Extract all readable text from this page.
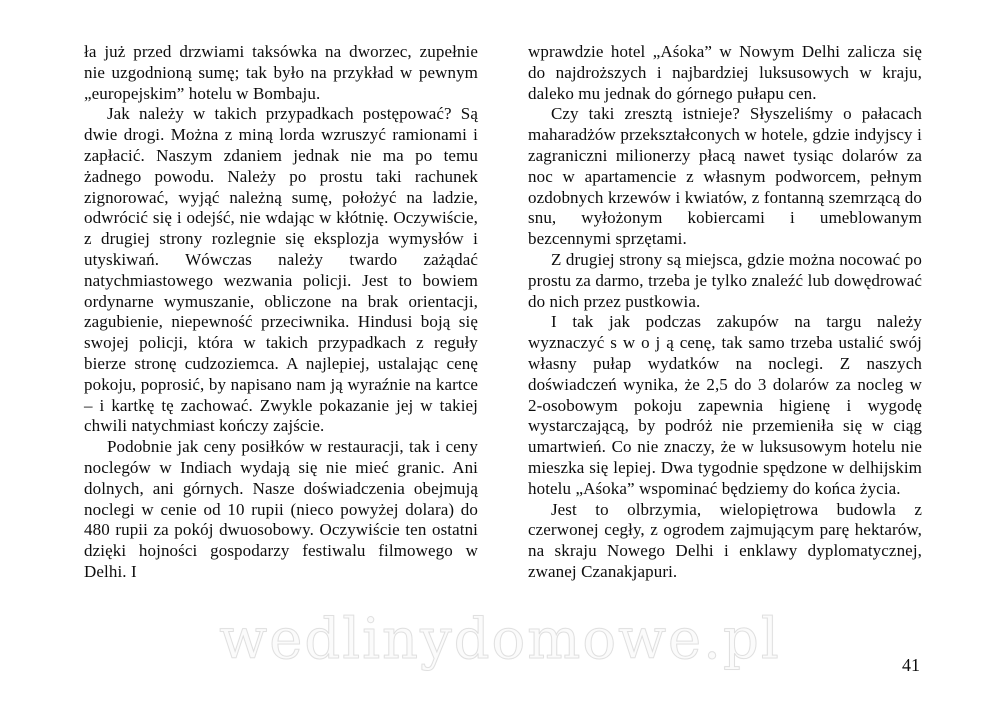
ła już przed drzwiami taksówka na dworzec, zupełnie nie uzgodnioną sumę; tak było na przykład w pewnym „europejskim” hotelu w Bombaju.

Jak należy w takich przypadkach postępować? Są dwie drogi. Można z miną lorda wzruszyć ramionami i zapłacić. Naszym zdaniem jednak nie ma po temu żadnego powodu. Należy po prostu taki rachunek zignorować, wyjąć należną sumę, położyć na ladzie, odwrócić się i odejść, nie wdając w kłótnię. Oczywiście, z drugiej strony rozlegnie się eksplozja wymysłów i utyskiwań. Wówczas należy twardo zażądać natychmiastowego wezwania policji. Jest to bowiem ordynarne wymuszanie, obliczone na brak orientacji, zagubienie, niepewność przeciwnika. Hindusi boją się swojej policji, która w takich przypadkach z reguły bierze stronę cudzoziemca. A najlepiej, ustalając cenę pokoju, poprosić, by napisano nam ją wyraźnie na kartce – i kartkę tę zachować. Zwykle pokazanie jej w takiej chwili natychmiast kończy zajście.

Podobnie jak ceny posiłków w restauracji, tak i ceny noclegów w Indiach wydają się nie mieć granic. Ani dolnych, ani górnych. Nasze doświadczenia obejmują noclegi w cenie od 10 rupii (nieco powyżej dolara) do 480 rupii za pokój dwuosobowy. Oczywiście ten ostatni dzięki hojności gospodarzy festiwalu filmowego w Delhi. I

wprawdzie hotel „Aśoka” w Nowym Delhi zalicza się do najdroższych i najbardziej luksusowych w kraju, daleko mu jednak do górnego pułapu cen.

Czy taki zresztą istnieje? Słyszeliśmy o pałacach maharadżów przekształconych w hotele, gdzie indyjscy i zagraniczni milionerzy płacą nawet tysiąc dolarów za noc w apartamencie z własnym podworcem, pełnym ozdobnych krzewów i kwiatów, z fontanną szemrzącą do snu, wyłożonym kobiercami i umeblowanym bezcennymi sprzętami.

Z drugiej strony są miejsca, gdzie można nocować po prostu za darmo, trzeba je tylko znaleźć lub dowędrować do nich przez pustkowia.

I tak jak podczas zakupów na targu należy wyznaczyć s w o j ą cenę, tak samo trzeba ustalić swój własny pułap wydatków na noclegi. Z naszych doświadczeń wynika, że 2,5 do 3 dolarów za nocleg w 2-osobowym pokoju zapewnia higienę i wygodę wystarczającą, by podróż nie przemieniła się w ciąg umartwień. Co nie znaczy, że w luksusowym hotelu nie mieszka się lepiej. Dwa tygodnie spędzone w delhijskim hotelu „Aśoka” wspominać będziemy do końca życia.

Jest to olbrzymia, wielopiętrowa budowla z czerwonej cegły, z ogrodem zajmującym parę hektarów, na skraju Nowego Delhi i enklawy dyplomatycznej, zwanej Czanakjapuri.

wedlinydomowe.pl	41
